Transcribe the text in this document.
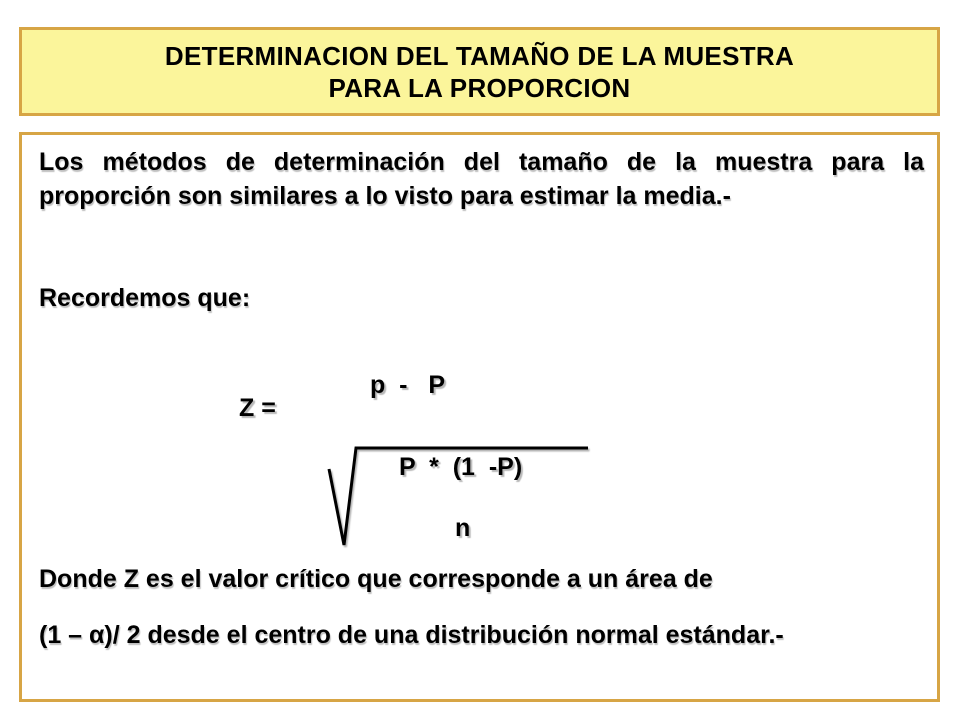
DETERMINACION DEL TAMAÑO DE LA MUESTRA
PARA LA PROPORCION
Los métodos de determinación del tamaño de la muestra para la proporción son similares a lo visto para estimar la media.-
Recordemos que:
Z =
p  -   P
P  *  (1  -P)
n
Donde Z es el valor crítico que corresponde a un área de
(1 – α)/ 2 desde el centro de una distribución normal estándar.-
